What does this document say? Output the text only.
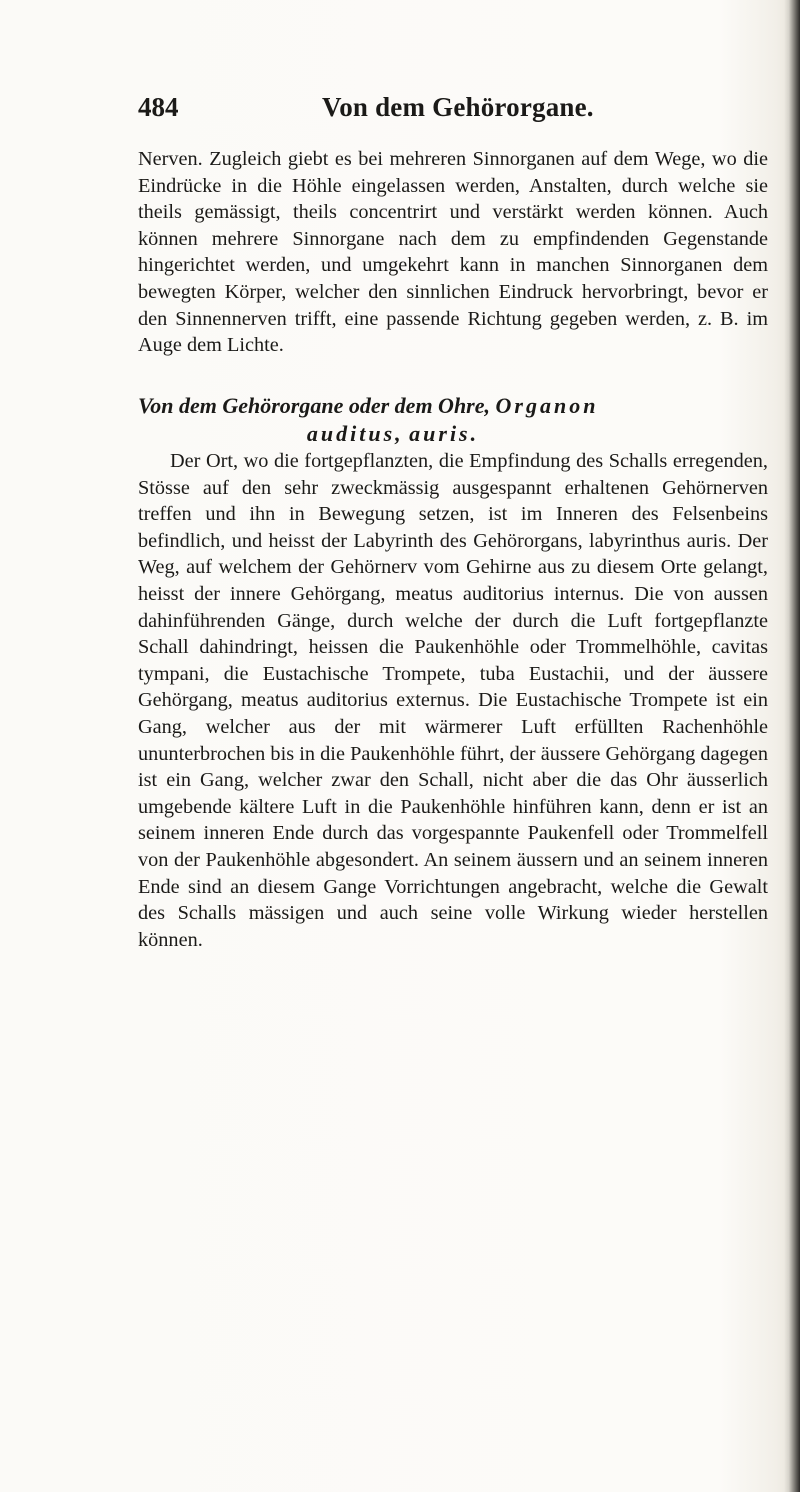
484	Von dem Gehörorgane.
Nerven. Zugleich giebt es bei mehreren Sinnorganen auf dem Wege, wo die Eindrücke in die Höhle eingelassen werden, Anstalten, durch welche sie theils gemässigt, theils concentrirt und verstärkt werden können. Auch können mehrere Sinnorgane nach dem zu empfindenden Gegenstande hingerichtet werden, und umgekehrt kann in manchen Sinnorganen dem bewegten Körper, welcher den sinnlichen Eindruck hervorbringt, bevor er den Sinnennerven trifft, eine passende Richtung gegeben werden, z. B. im Auge dem Lichte.
Von dem Gehörorgane oder dem Ohre, Organon
auditus, auris.
Der Ort, wo die fortgepflanzten, die Empfindung des Schalls erregenden, Stösse auf den sehr zweckmässig ausgespannt erhaltenen Gehörnerven treffen und ihn in Bewegung setzen, ist im Inneren des Felsenbeins befindlich, und heisst der Labyrinth des Gehörorgans, labyrinthus auris. Der Weg, auf welchem der Gehörnerv vom Gehirne aus zu diesem Orte gelangt, heisst der innere Gehörgang, meatus auditorius internus. Die von aussen dahinführenden Gänge, durch welche der durch die Luft fortgepflanzte Schall dahindringt, heissen die Paukenhöhle oder Trommelhöhle, cavitas tympani, die Eustachische Trompete, tuba Eustachii, und der äussere Gehörgang, meatus auditorius externus. Die Eustachische Trompete ist ein Gang, welcher aus der mit wärmerer Luft erfüllten Rachenhöhle ununterbrochen bis in die Paukenhöhle führt, der äussere Gehörgang dagegen ist ein Gang, welcher zwar den Schall, nicht aber die das Ohr äusserlich umgebende kältere Luft in die Paukenhöhle hinführen kann, denn er ist an seinem inneren Ende durch das vorgespannte Paukenfell oder Trommelfell von der Paukenhöhle abgesondert. An seinem äussern und an seinem inneren Ende sind an diesem Gange Vorrichtungen angebracht, welche die Gewalt des Schalls mässigen und auch seine volle Wirkung wieder herstellen können.
